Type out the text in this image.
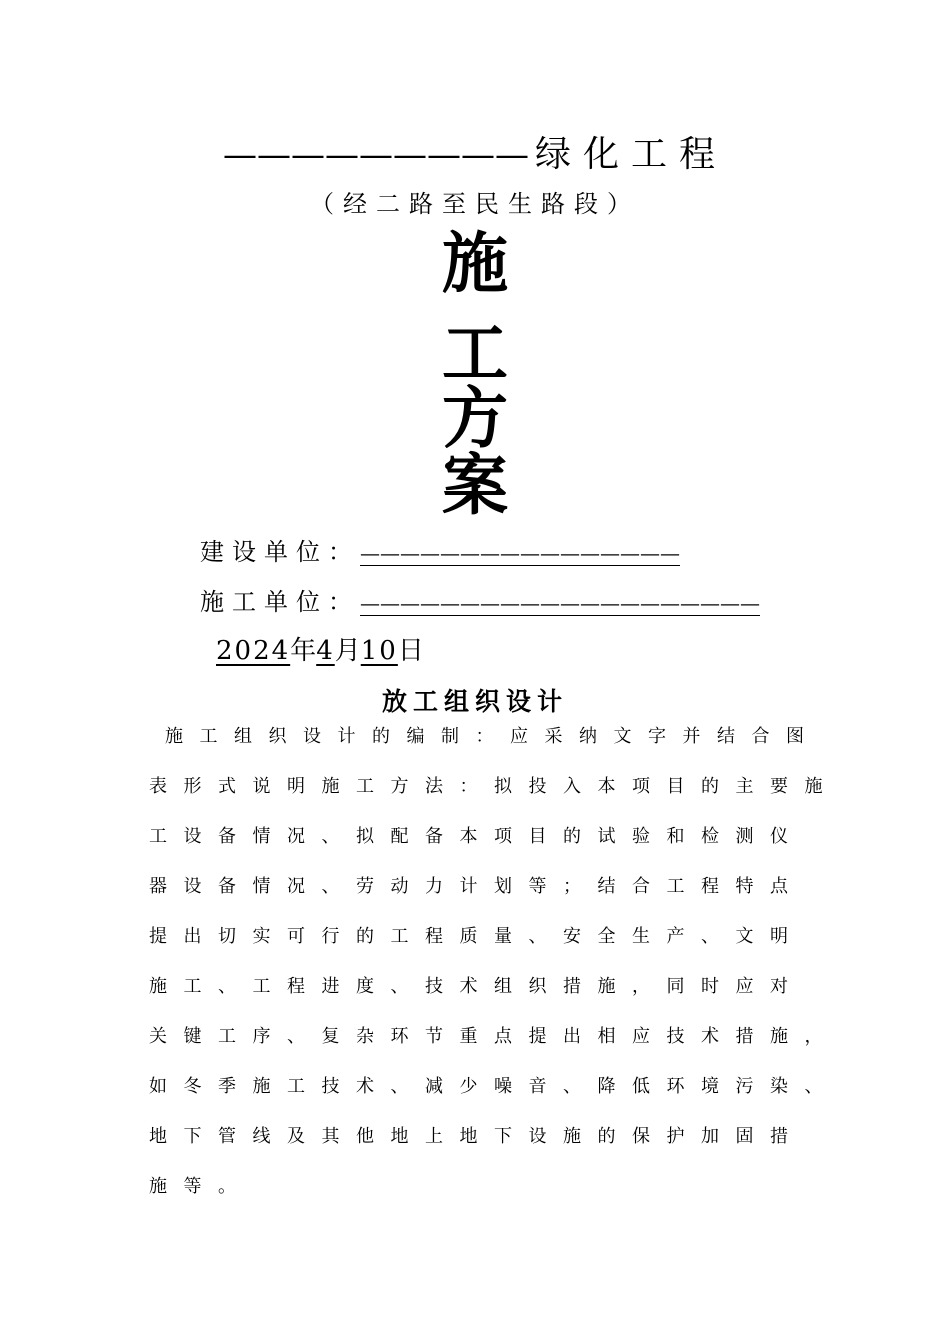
————————— 绿化工程
（经二路至民生路段）
施
工
方
案
建设单位：————————————————
施工单位：————————————————————
2024年4月10日
放工组织设计
施工组织设计的编制：应采纳文字并结合图
表形式说明施工方法：拟投入本项目的主要施
工设备情况、拟配备本项目的试验和检测仪
器设备情况、劳动力计划等；结合工程特点
提出切实可行的工程质量、安全生产、文明
施工、工程进度、技术组织措施，同时应对
关键工序、复杂环节重点提出相应技术措施，
如冬季施工技术、减少噪音、降低环境污染、
地下管线及其他地上地下设施的保护加固措
施等。
